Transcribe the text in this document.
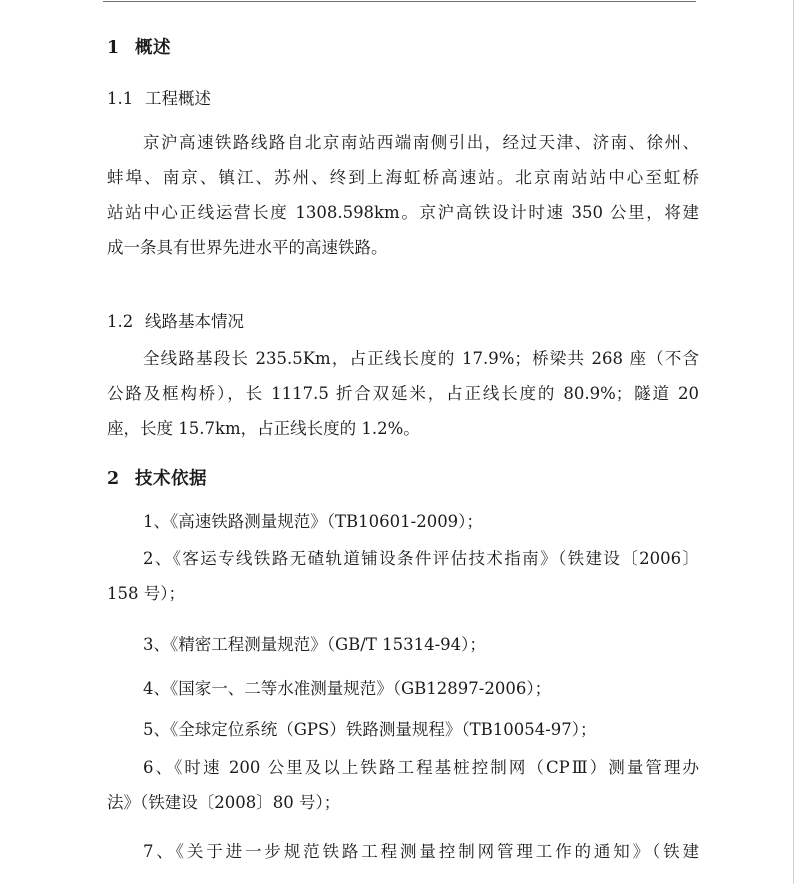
1 概述
1.1 工程概述
京沪高速铁路线路自北京南站西端南侧引出，经过天津、济南、徐州、
蚌埠、南京、镇江、苏州、终到上海虹桥高速站。北京南站站中心至虹桥
站站中心正线运营长度 1308.598km。京沪高铁设计时速 350 公里，将建
成一条具有世界先进水平的高速铁路。
1.2 线路基本情况
全线路基段长 235.5Km，占正线长度的 17.9%；桥梁共 268 座（不含
公路及框构桥），长 1117.5 折合双延米，占正线长度的 80.9%；隧道 20
座，长度 15.7km，占正线长度的 1.2%。
2 技术依据
1、《高速铁路测量规范》（TB10601-2009）；
2、《客运专线铁路无碴轨道铺设条件评估技术指南》（铁建设〔2006〕
158 号）；
3、《精密工程测量规范》（GB/T 15314-94）；
4、《国家一、二等水准测量规范》（GB12897-2006）；
5、《全球定位系统（GPS）铁路测量规程》（TB10054-97）；
6、《时速 200 公里及以上铁路工程基桩控制网（CPⅢ）测量管理办
法》（铁建设〔2008〕80 号）；
7、《关于进一步规范铁路工程测量控制网管理工作的通知》（铁建
